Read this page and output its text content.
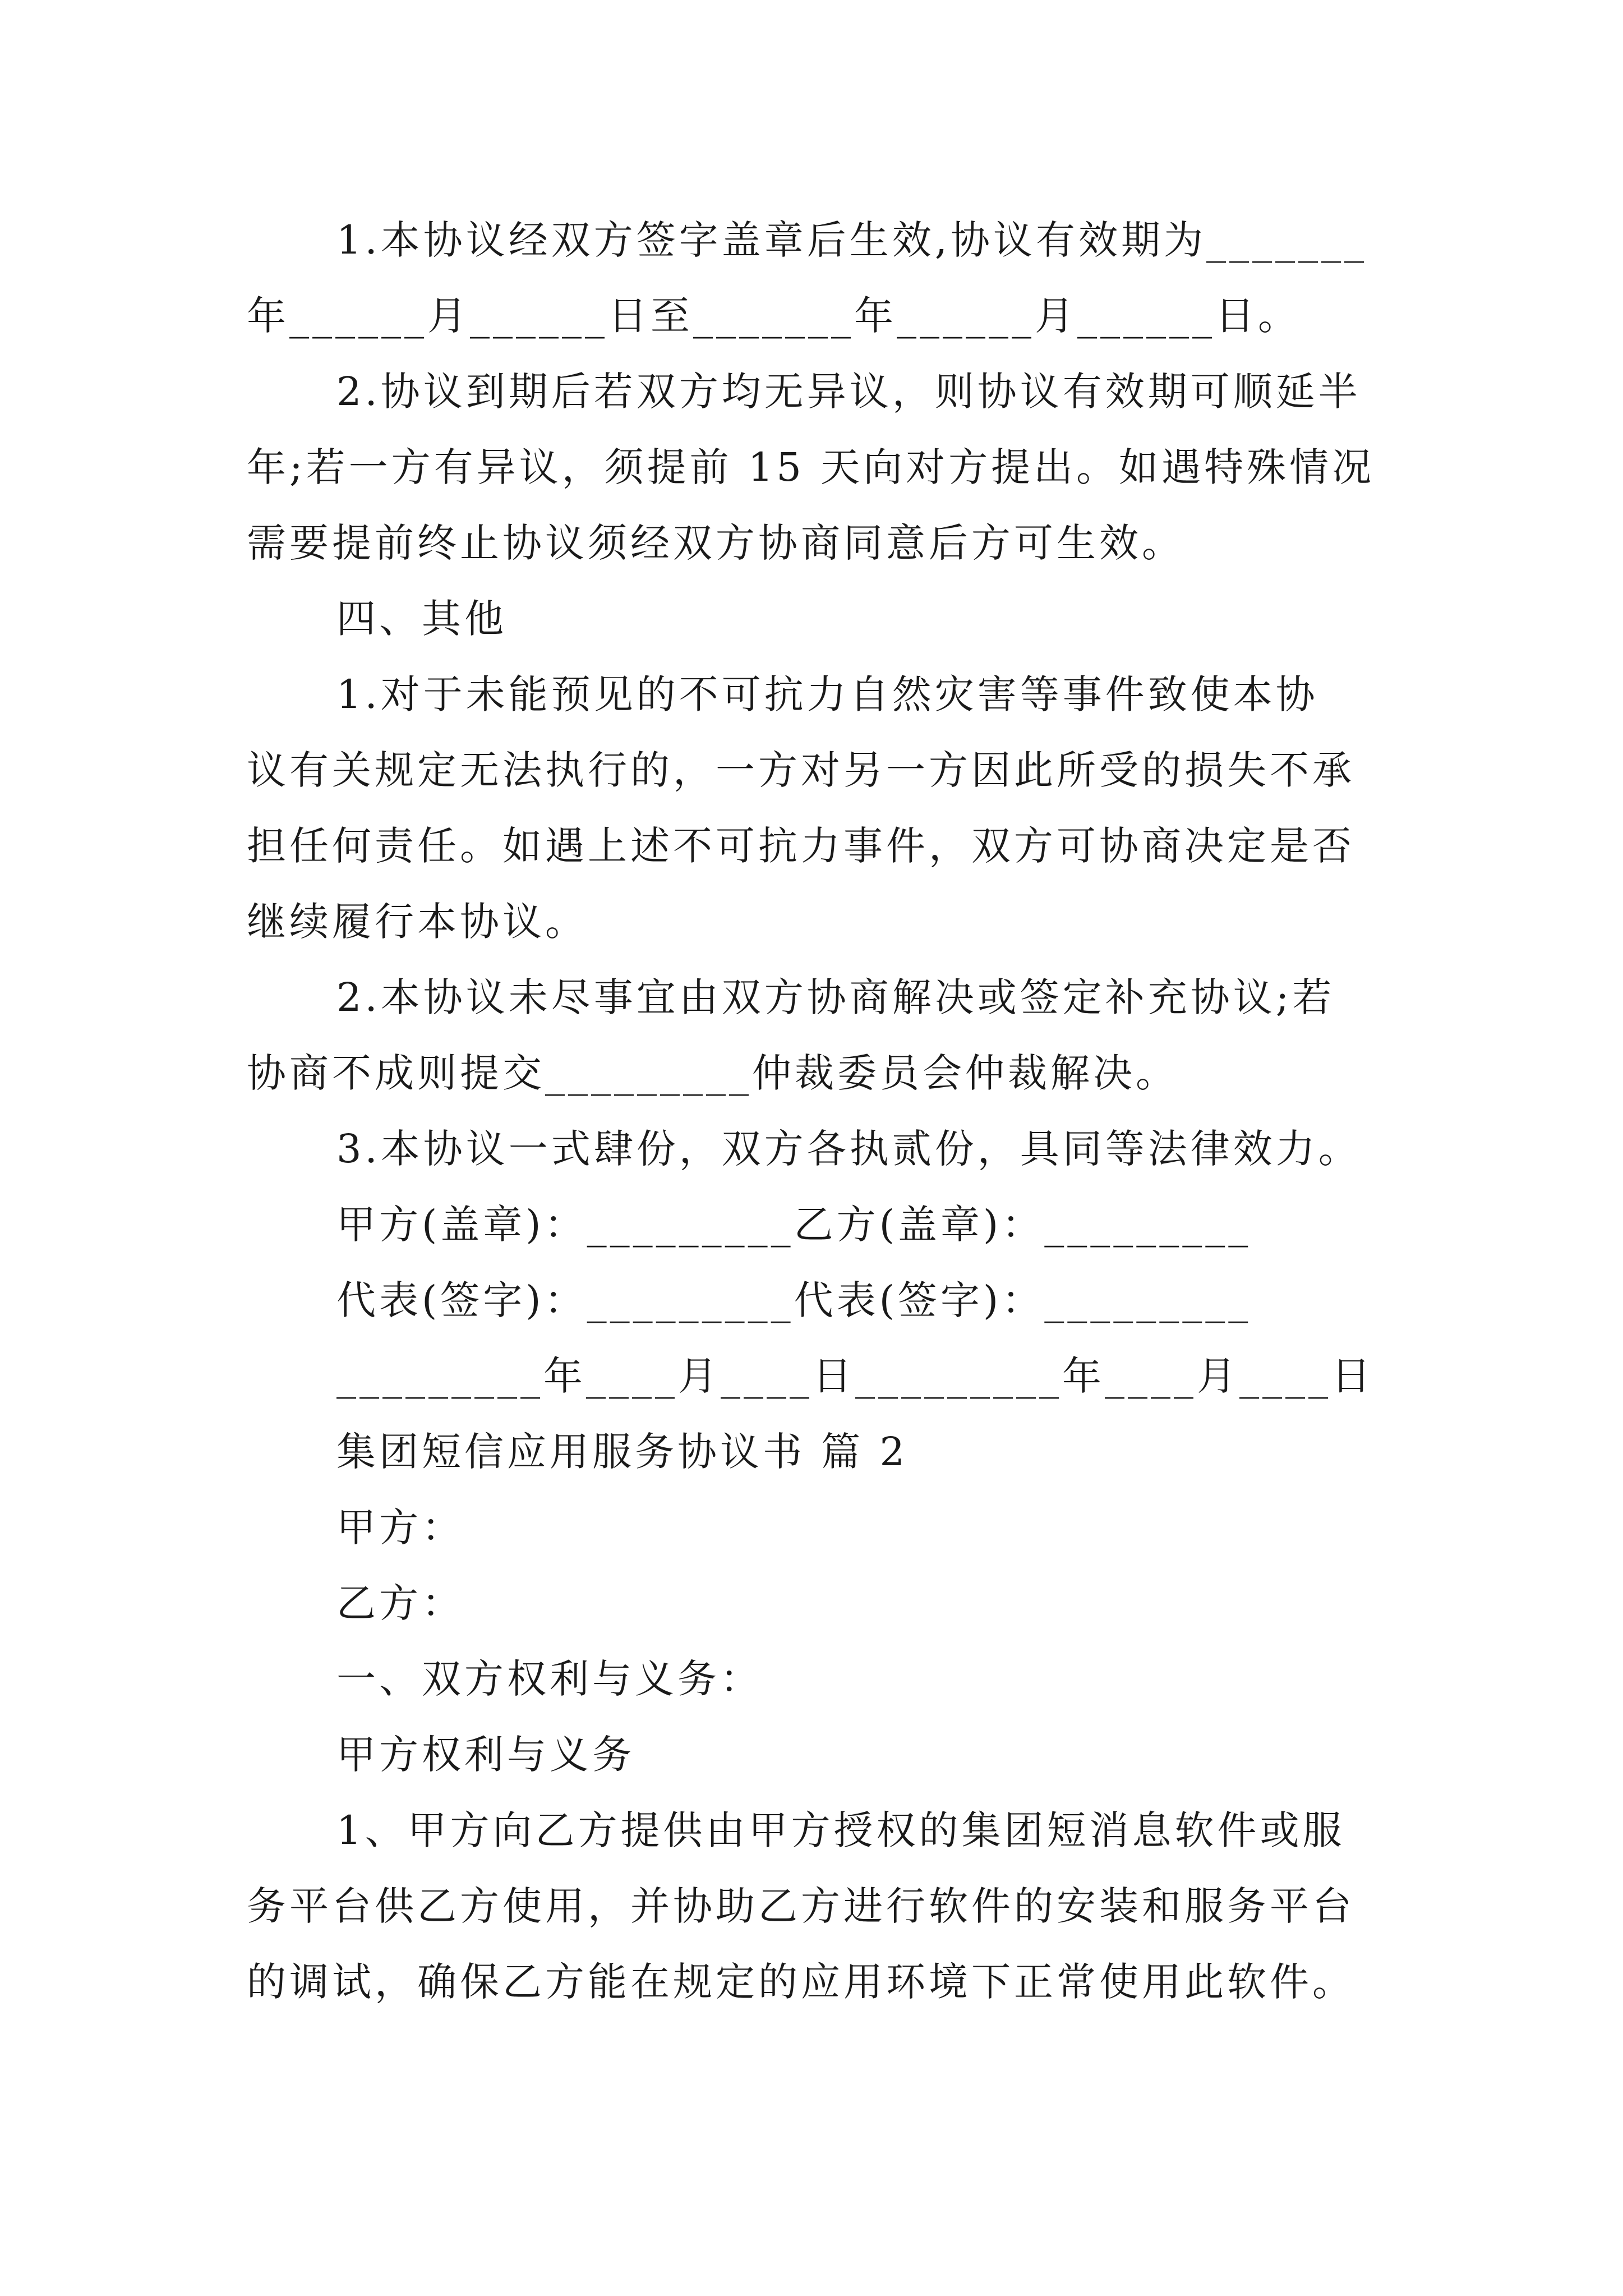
1.本协议经双方签字盖章后生效,协议有效期为_______
年______月______日至_______年______月______日。
2.协议到期后若双方均无异议，则协议有效期可顺延半
年;若一方有异议，须提前 15 天向对方提出。如遇特殊情况
需要提前终止协议须经双方协商同意后方可生效。
四、其他
1.对于未能预见的不可抗力自然灾害等事件致使本协
议有关规定无法执行的，一方对另一方因此所受的损失不承
担任何责任。如遇上述不可抗力事件，双方可协商决定是否
继续履行本协议。
2.本协议未尽事宜由双方协商解决或签定补充协议;若
协商不成则提交_________仲裁委员会仲裁解决。
3.本协议一式肆份，双方各执贰份，具同等法律效力。
甲方(盖章)：_________乙方(盖章)：_________
代表(签字)：_________代表(签字)：_________
_________年____月____日_________年____月____日
集团短信应用服务协议书 篇 2
甲方：
乙方：
一、双方权利与义务：
甲方权利与义务
1、甲方向乙方提供由甲方授权的集团短消息软件或服
务平台供乙方使用，并协助乙方进行软件的安装和服务平台
的调试，确保乙方能在规定的应用环境下正常使用此软件。
